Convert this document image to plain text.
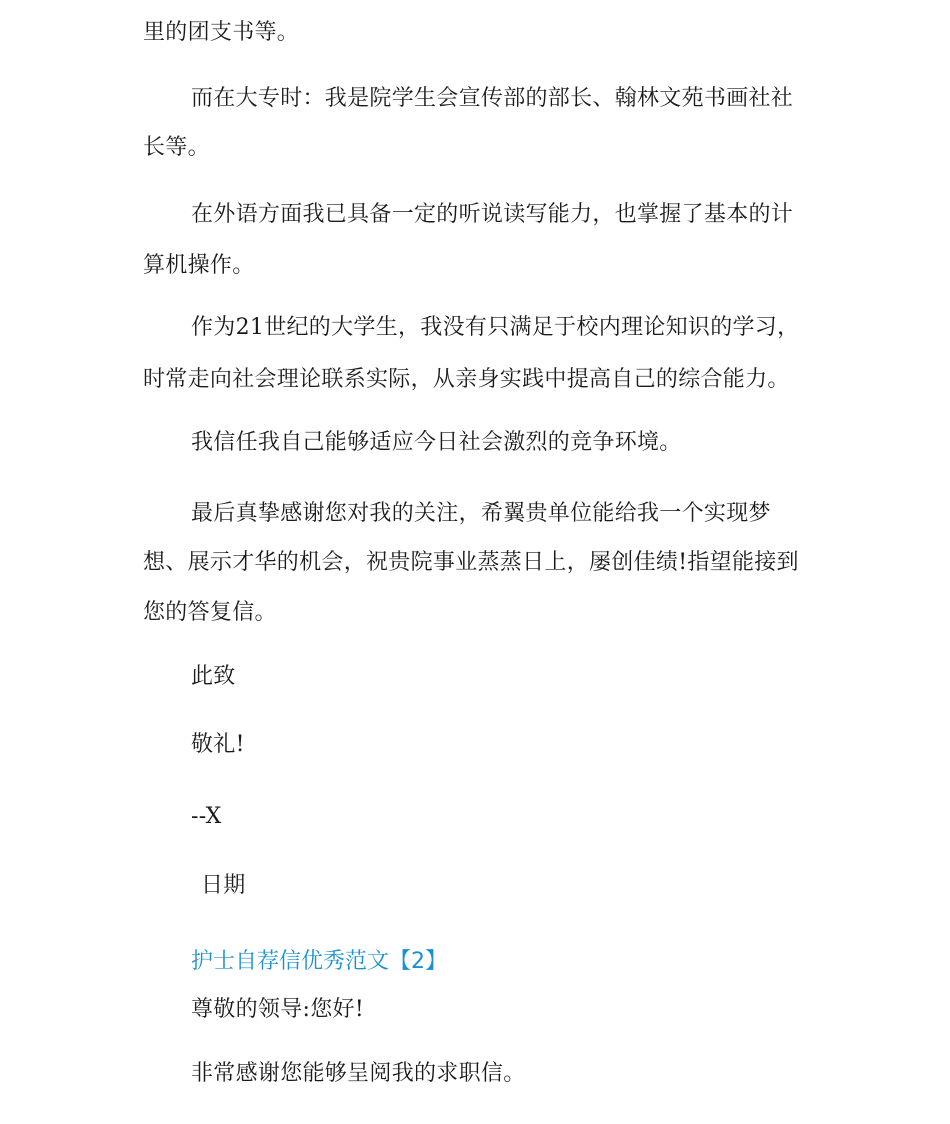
里的团支书等。
而在大专时：我是院学生会宣传部的部长、翰林文苑书画社社
长等。
在外语方面我已具备一定的听说读写能力，也掌握了基本的计
算机操作。
作为21世纪的大学生，我没有只满足于校内理论知识的学习，
时常走向社会理论联系实际，从亲身实践中提高自己的综合能力。
我信任我自己能够适应今日社会激烈的竞争环境。
最后真挚感谢您对我的关注，希翼贵单位能给我一个实现梦
想、展示才华的机会，祝贵院事业蒸蒸日上，屡创佳绩!指望能接到
您的答复信。
此致
敬礼!
--X
日期
护士自荐信优秀范文【2】
尊敬的领导:您好!
非常感谢您能够呈阅我的求职信。
